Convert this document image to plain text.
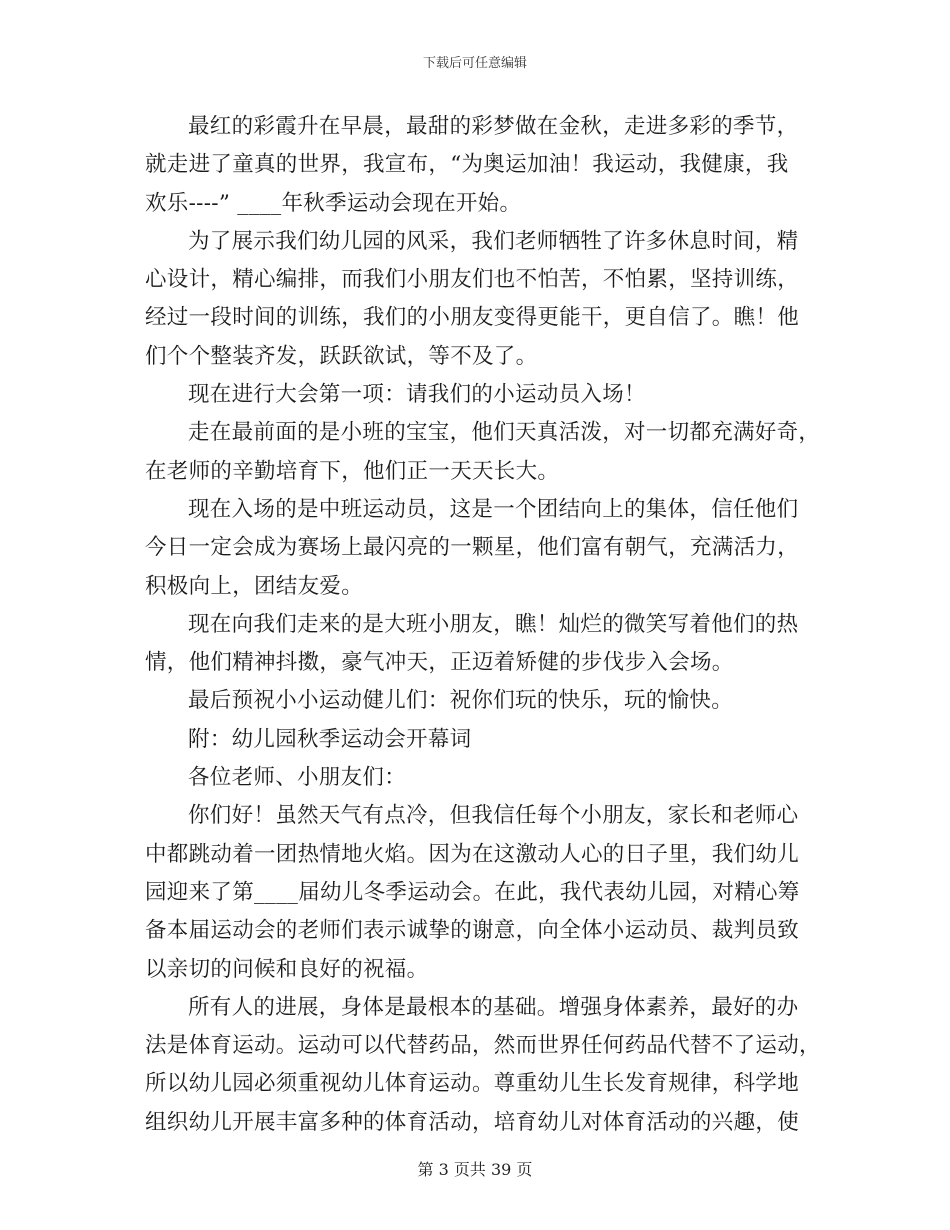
下载后可任意编辑
最红的彩霞升在早晨，最甜的彩梦做在金秋，走进多彩的季节，
就走进了童真的世界，我宣布，“为奥运加油！我运动，我健康，我
欢乐----” ____年秋季运动会现在开始。
为了展示我们幼儿园的风采，我们老师牺牲了许多休息时间，精
心设计，精心编排，而我们小朋友们也不怕苦，不怕累，坚持训练，
经过一段时间的训练，我们的小朋友变得更能干，更自信了。瞧！他
们个个整装齐发，跃跃欲试，等不及了。
现在进行大会第一项：请我们的小运动员入场！
走在最前面的是小班的宝宝，他们天真活泼，对一切都充满好奇，
在老师的辛勤培育下，他们正一天天长大。
现在入场的是中班运动员，这是一个团结向上的集体，信任他们
今日一定会成为赛场上最闪亮的一颗星，他们富有朝气，充满活力，
积极向上，团结友爱。
现在向我们走来的是大班小朋友，瞧！灿烂的微笑写着他们的热
情，他们精神抖擞，豪气冲天，正迈着矫健的步伐步入会场。
最后预祝小小运动健儿们：祝你们玩的快乐，玩的愉快。
附：幼儿园秋季运动会开幕词
各位老师、小朋友们：
你们好！虽然天气有点冷，但我信任每个小朋友，家长和老师心
中都跳动着一团热情地火焰。因为在这激动人心的日子里，我们幼儿
园迎来了第____届幼儿冬季运动会。在此，我代表幼儿园，对精心筹
备本届运动会的老师们表示诚挚的谢意，向全体小运动员、裁判员致
以亲切的问候和良好的祝福。
所有人的进展，身体是最根本的基础。增强身体素养，最好的办
法是体育运动。运动可以代替药品，然而世界任何药品代替不了运动，
所以幼儿园必须重视幼儿体育运动。尊重幼儿生长发育规律，科学地
组织幼儿开展丰富多种的体育活动，培育幼儿对体育活动的兴趣，使
第 3 页共 39 页
